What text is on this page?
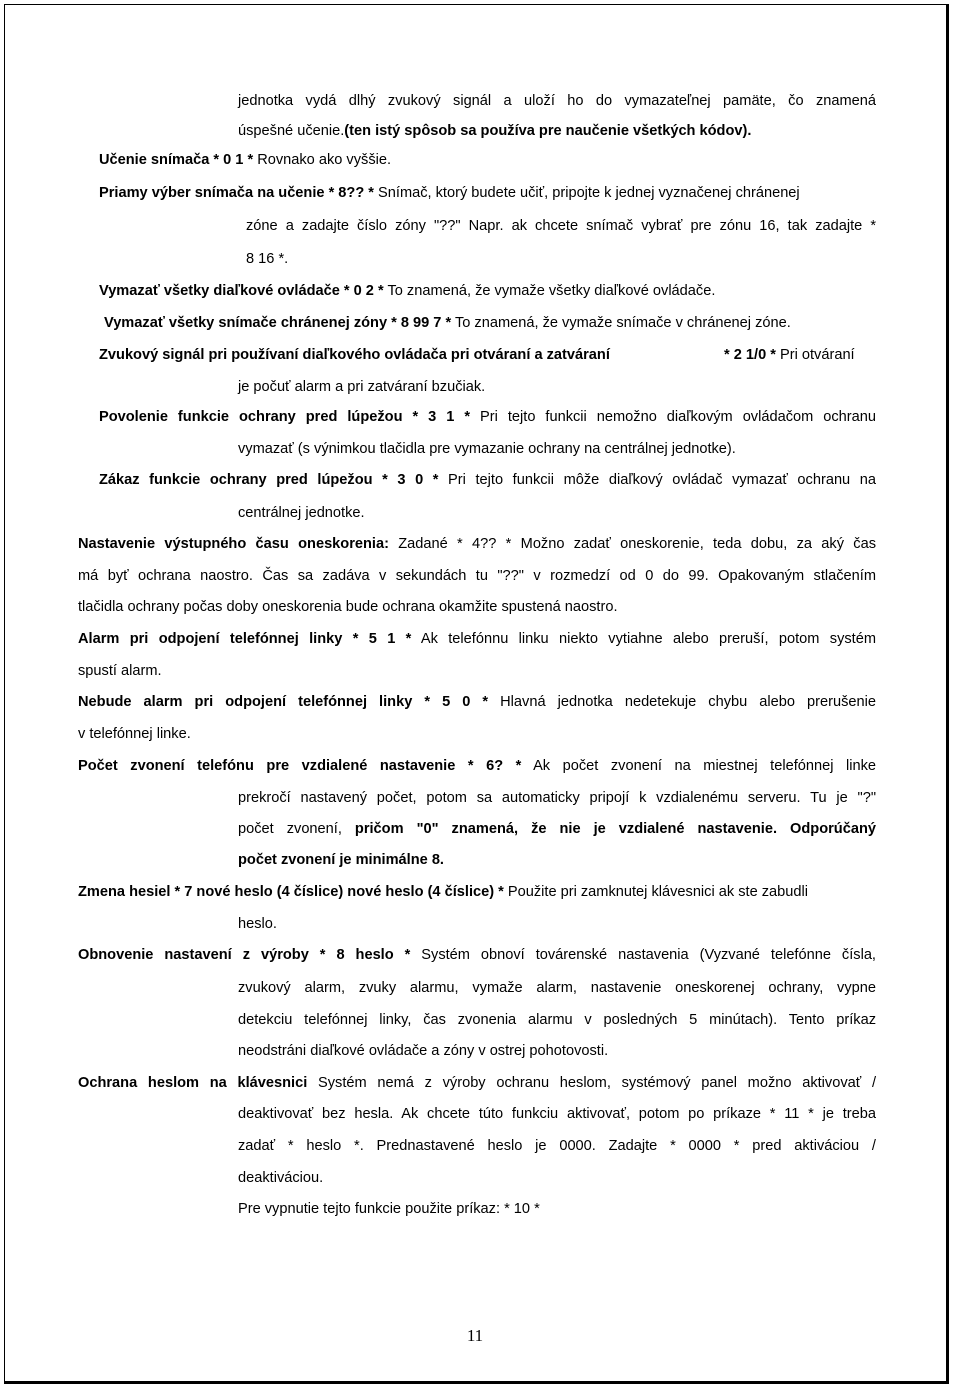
jednotka vydá dlhý zvukový signál a uloží ho do vymazateľnej pamäte, čo znamená

úspešné učenie.(ten istý spôsob sa používa pre naučenie všetkých kódov).

Učenie snímača * 0 1 * Rovnako ako vyššie.

Priamy výber snímača na učenie * 8?? * Snímač, ktorý budete učiť, pripojte k jednej vyznačenej chránenej

zóne a zadajte číslo zóny "??" Napr. ak chcete snímač vybrať pre zónu 16, tak zadajte *

8 16 *.

Vymazať všetky diaľkové ovládače * 0 2 * To znamená, že vymaže všetky diaľkové ovládače.

Vymazať všetky snímače chránenej zóny * 8 99 7 * To znamená, že vymaže snímače v chránenej zóne.

Zvukový signál pri používaní diaľkového ovládača pri otváraní a zatváraní	* 2 1/0 * Pri otváraní

je počuť alarm a pri zatváraní bzučiak.

Povolenie funkcie ochrany pred lúpežou * 3 1 * Pri tejto funkcii nemožno diaľkovým ovládačom ochranu

vymazať (s výnimkou tlačidla pre vymazanie ochrany na centrálnej jednotke).

Zákaz funkcie ochrany pred lúpežou * 3 0 * Pri tejto funkcii môže diaľkový ovládač vymazať ochranu na

centrálnej jednotke.

Nastavenie výstupného času oneskorenia: Zadané * 4?? * Možno zadať oneskorenie, teda dobu, za aký čas

má byť ochrana naostro. Čas sa zadáva v sekundách tu "??" v rozmedzí od 0 do 99. Opakovaným stlačením

tlačidla ochrany počas doby oneskorenia bude ochrana okamžite spustená naostro.

Alarm pri odpojení telefónnej linky * 5 1 * Ak telefónnu linku niekto vytiahne alebo preruší, potom systém

spustí alarm.

Nebude alarm pri odpojení telefónnej linky * 5 0 * Hlavná jednotka nedetekuje chybu alebo prerušenie

v telefónnej linke.

Počet zvonení telefónu pre vzdialené nastavenie * 6? * Ak počet zvonení na miestnej telefónnej linke

prekročí nastavený počet, potom sa automaticky pripojí k vzdialenému serveru. Tu je "?"

počet zvonení, pričom "0" znamená, že nie je vzdialené nastavenie. Odporúčaný

počet zvonení je minimálne 8.

Zmena hesiel * 7 nové heslo (4 číslice) nové heslo (4 číslice) * Použite pri zamknutej klávesnici ak ste zabudli

heslo.

Obnovenie nastavení z výroby * 8 heslo * Systém obnoví továrenské nastavenia (Vyzvané telefónne čísla,

zvukový alarm, zvuky alarmu, vymaže alarm, nastavenie oneskorenej ochrany, vypne

detekciu telefónnej linky, čas zvonenia alarmu v posledných 5 minútach). Tento príkaz

neodstráni diaľkové ovládače a zóny v ostrej pohotovosti.

Ochrana heslom na klávesnici Systém nemá z výroby ochranu heslom, systémový panel možno aktivovať /

deaktivovať bez hesla. Ak chcete túto funkciu aktivovať, potom po príkaze * 11 * je treba

zadať * heslo *. Prednastavené heslo je 0000. Zadajte * 0000 * pred aktiváciou /

deaktiváciou.

Pre vypnutie tejto funkcie použite príkaz: * 10 *

11
